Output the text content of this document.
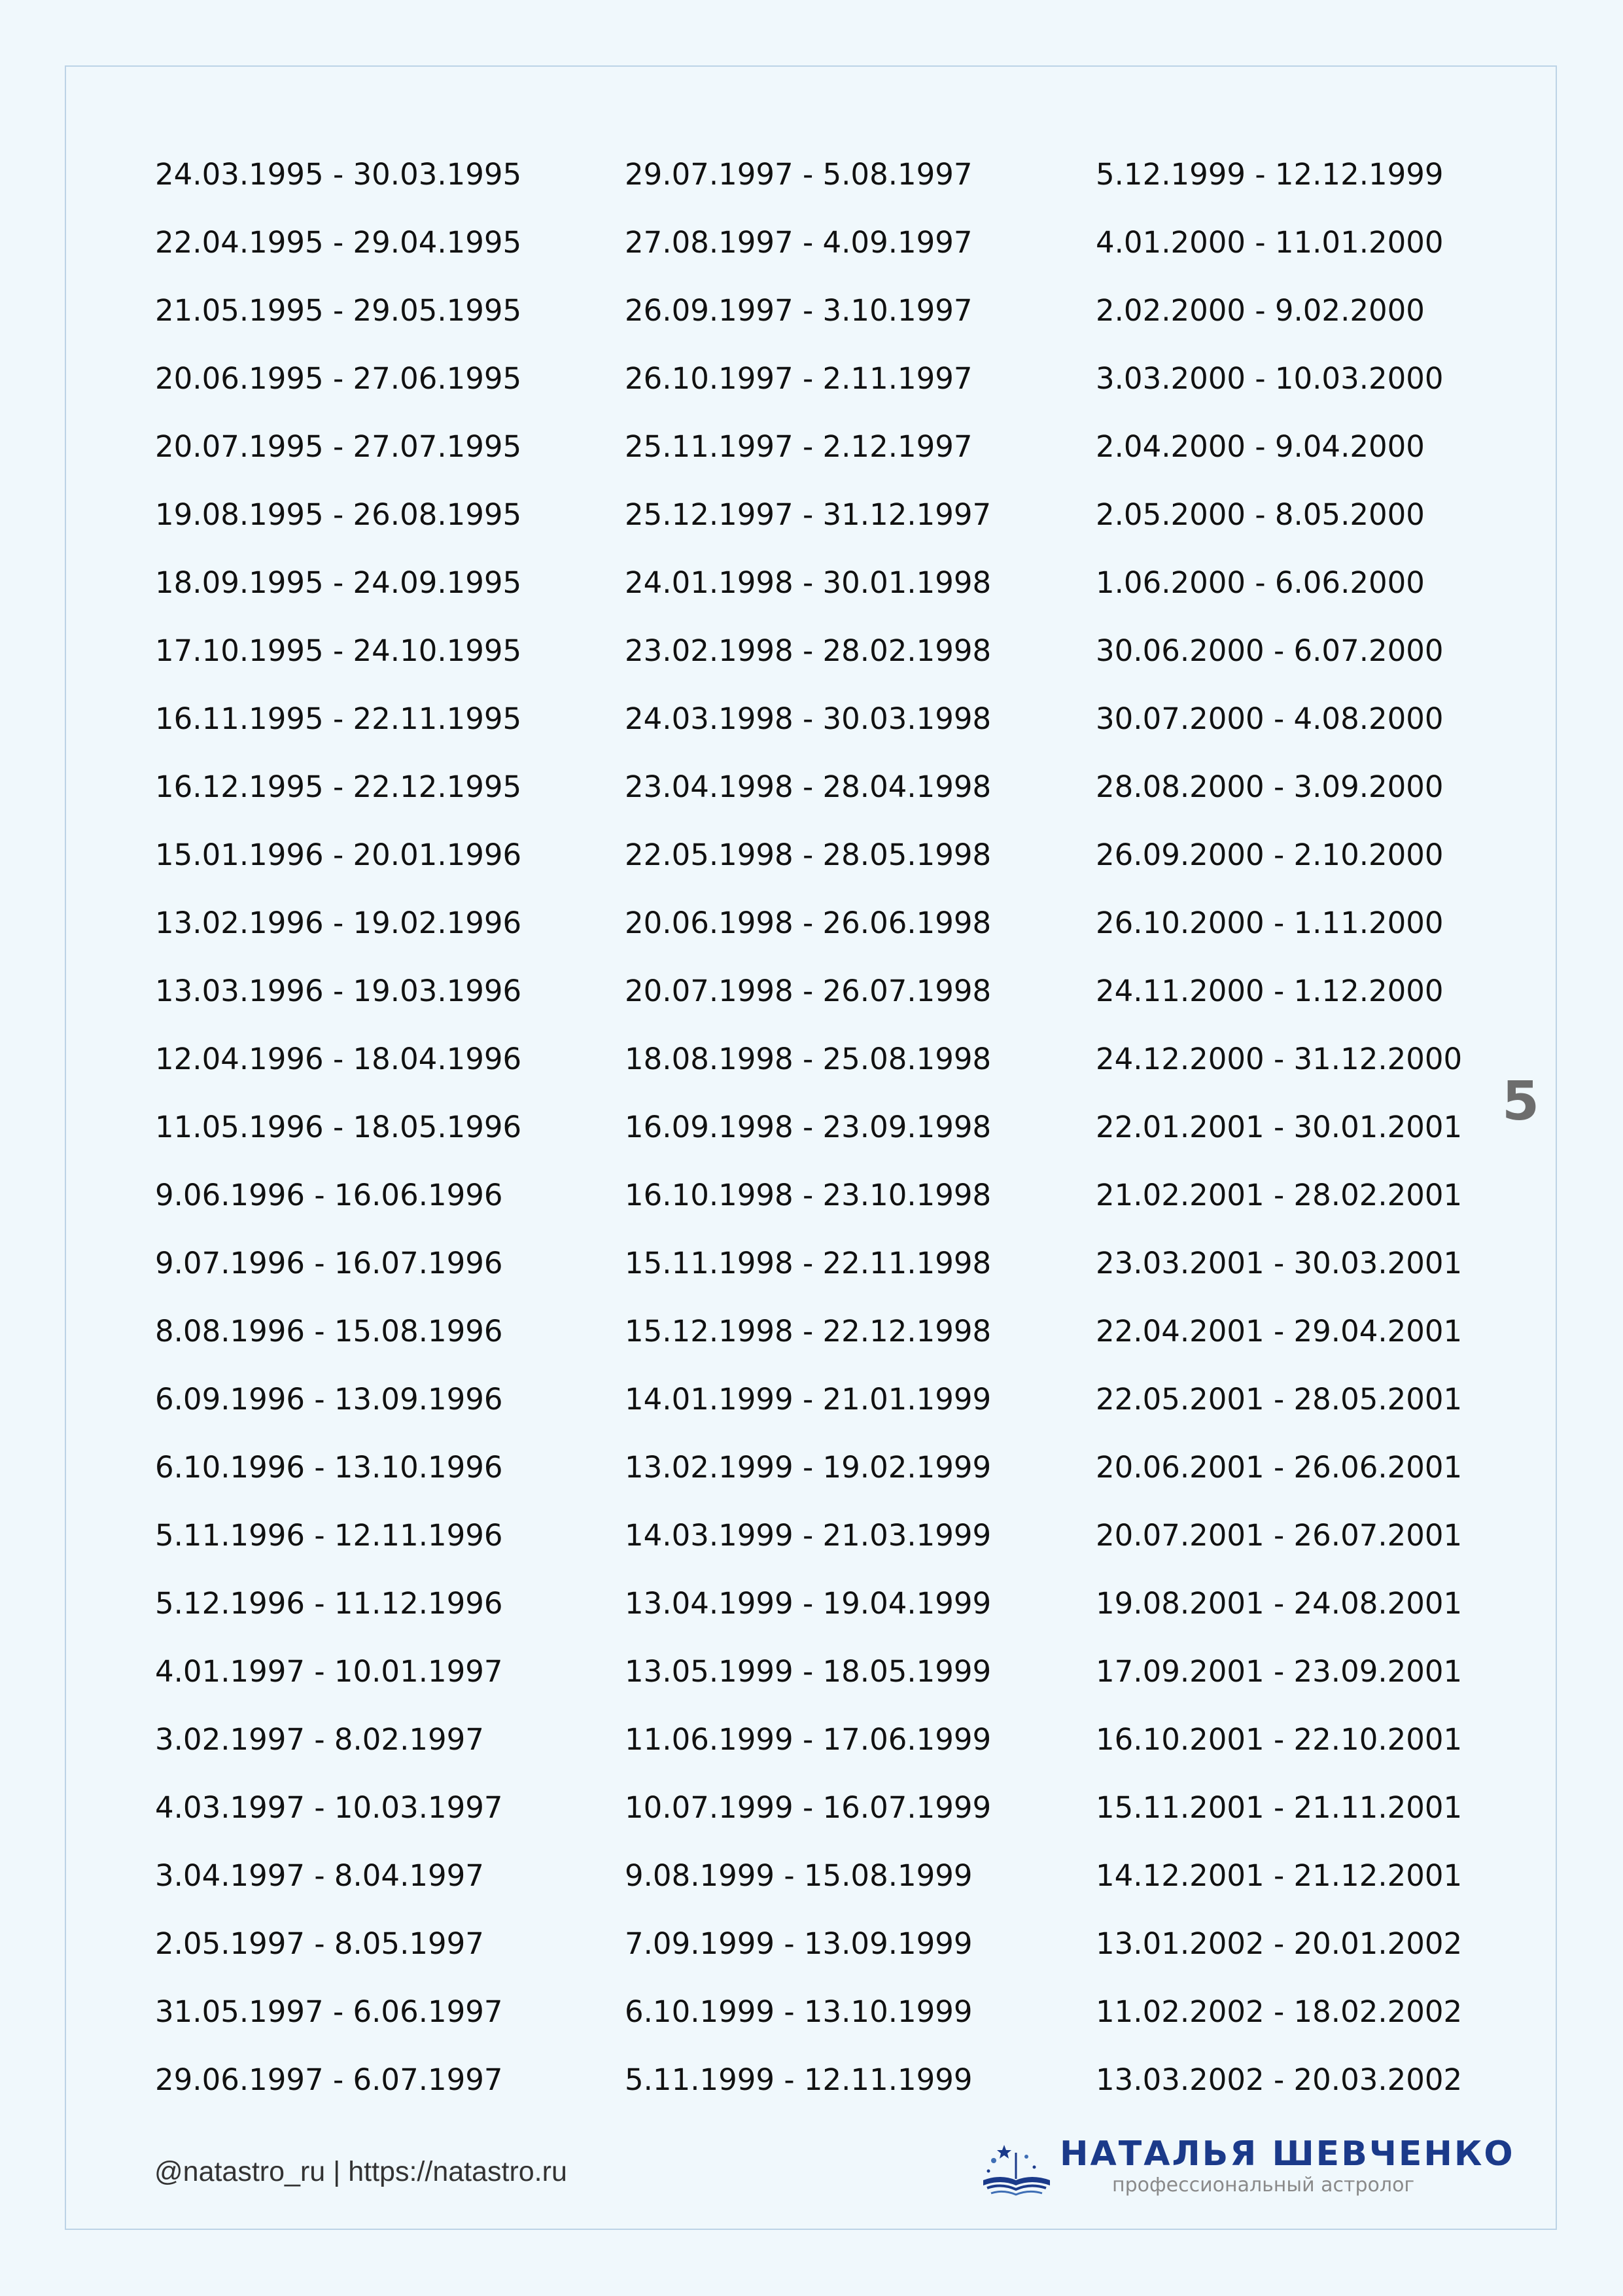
24.03.1995 - 30.03.1995
22.04.1995 - 29.04.1995
21.05.1995 - 29.05.1995
20.06.1995 - 27.06.1995
20.07.1995 - 27.07.1995
19.08.1995 - 26.08.1995
18.09.1995 - 24.09.1995
17.10.1995 - 24.10.1995
16.11.1995 - 22.11.1995
16.12.1995 - 22.12.1995
15.01.1996 - 20.01.1996
13.02.1996 - 19.02.1996
13.03.1996 - 19.03.1996
12.04.1996 - 18.04.1996
11.05.1996 - 18.05.1996
9.06.1996 - 16.06.1996
9.07.1996 - 16.07.1996
8.08.1996 - 15.08.1996
6.09.1996 - 13.09.1996
6.10.1996 - 13.10.1996
5.11.1996 - 12.11.1996
5.12.1996 - 11.12.1996
4.01.1997 - 10.01.1997
3.02.1997 - 8.02.1997
4.03.1997 - 10.03.1997
3.04.1997 - 8.04.1997
2.05.1997 - 8.05.1997
31.05.1997 - 6.06.1997
29.06.1997 - 6.07.1997
29.07.1997 - 5.08.1997
27.08.1997 - 4.09.1997
26.09.1997 - 3.10.1997
26.10.1997 - 2.11.1997
25.11.1997 - 2.12.1997
25.12.1997 - 31.12.1997
24.01.1998 - 30.01.1998
23.02.1998 - 28.02.1998
24.03.1998 - 30.03.1998
23.04.1998 - 28.04.1998
22.05.1998 - 28.05.1998
20.06.1998 - 26.06.1998
20.07.1998 - 26.07.1998
18.08.1998 - 25.08.1998
16.09.1998 - 23.09.1998
16.10.1998 - 23.10.1998
15.11.1998 - 22.11.1998
15.12.1998 - 22.12.1998
14.01.1999 - 21.01.1999
13.02.1999 - 19.02.1999
14.03.1999 - 21.03.1999
13.04.1999 - 19.04.1999
13.05.1999 - 18.05.1999
11.06.1999 - 17.06.1999
10.07.1999 - 16.07.1999
9.08.1999 - 15.08.1999
7.09.1999 - 13.09.1999
6.10.1999 - 13.10.1999
5.11.1999 - 12.11.1999
5.12.1999 - 12.12.1999
4.01.2000 - 11.01.2000
2.02.2000 - 9.02.2000
3.03.2000 - 10.03.2000
2.04.2000 - 9.04.2000
2.05.2000 - 8.05.2000
1.06.2000 - 6.06.2000
30.06.2000 - 6.07.2000
30.07.2000 - 4.08.2000
28.08.2000 - 3.09.2000
26.09.2000 - 2.10.2000
26.10.2000 - 1.11.2000
24.11.2000 - 1.12.2000
24.12.2000 - 31.12.2000
22.01.2001 - 30.01.2001
21.02.2001 - 28.02.2001
23.03.2001 - 30.03.2001
22.04.2001 - 29.04.2001
22.05.2001 - 28.05.2001
20.06.2001 - 26.06.2001
20.07.2001 - 26.07.2001
19.08.2001 - 24.08.2001
17.09.2001 - 23.09.2001
16.10.2001 - 22.10.2001
15.11.2001 - 21.11.2001
14.12.2001 - 21.12.2001
13.01.2002 - 20.01.2002
11.02.2002 - 18.02.2002
13.03.2002 - 20.03.2002
5
@natastro_ru | https://natastro.ru	НАТАЛЬЯ ШЕВЧЕНКО
профессиональный астролог
